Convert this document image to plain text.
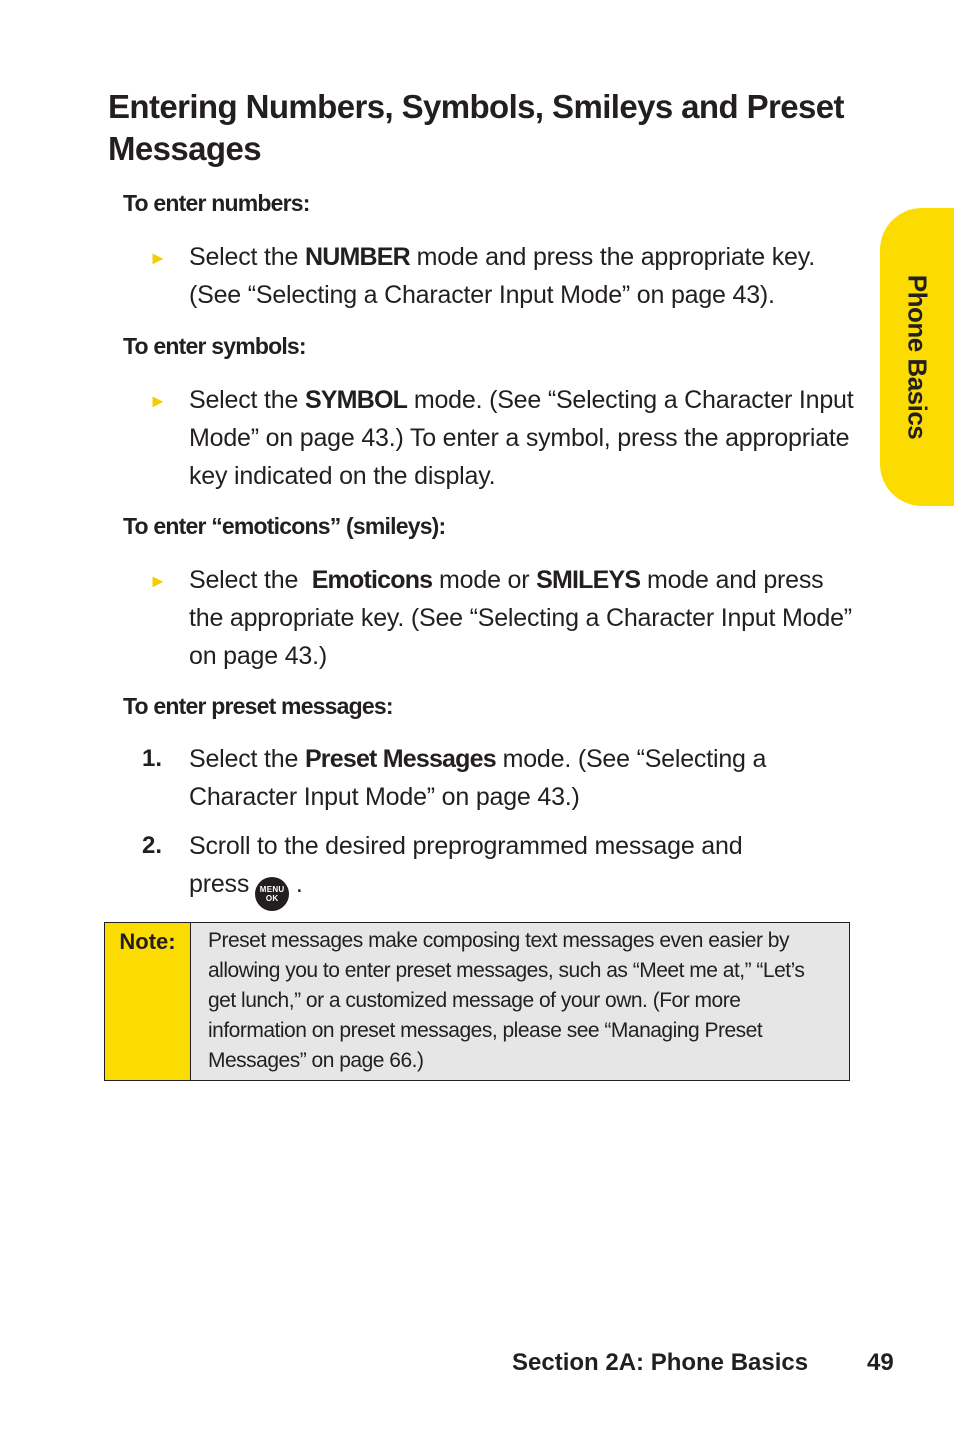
Entering Numbers, Symbols, Smileys and Preset Messages
To enter numbers:
► Select the NUMBER mode and press the appropriate key. (See “Selecting a Character Input Mode” on page 43).

To enter symbols:
► Select the SYMBOL mode. (See “Selecting a Character Input Mode” on page 43.) To enter a symbol, press the appropriate key indicated on the display.

To enter “emoticons” (smileys):
► Select the  Emoticons mode or SMILEYS mode and press the appropriate key. (See “Selecting a Character Input Mode” on page 43.)

To enter preset messages:
1. Select the Preset Messages mode. (See “Selecting a Character Input Mode” on page 43.)

2. Scroll to the desired preprogrammed message and press	MENU
OK
.

Note:	Preset messages make composing text messages even easier by allowing you to enter preset messages, such as “Meet me at,” “Let’s get lunch,” or a customized message of your own. (For more information on preset messages, please see “Managing Preset Messages” on page 66.)
Phone Basics
Section 2A: Phone Basics 49
